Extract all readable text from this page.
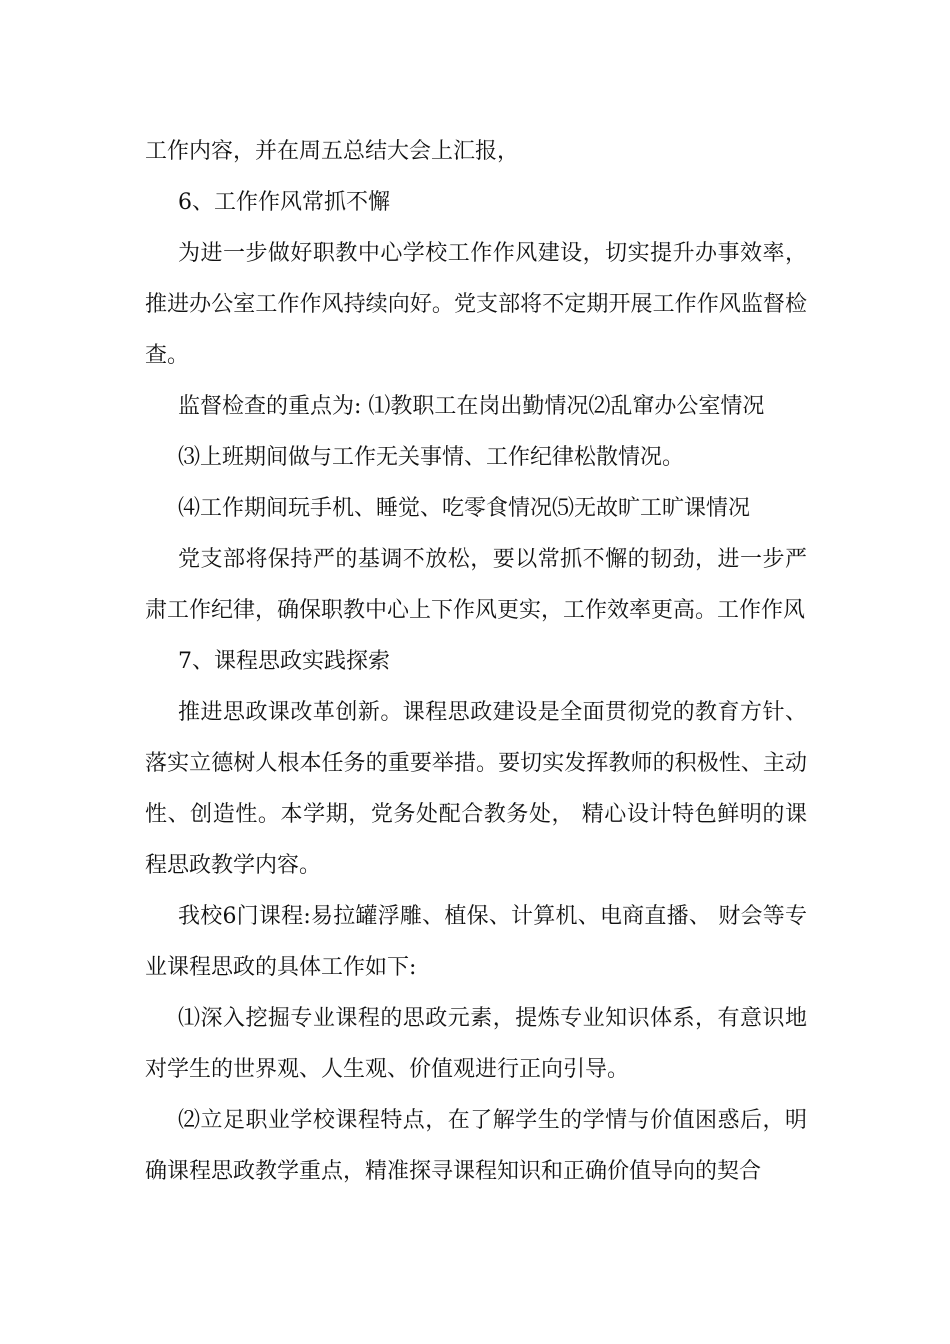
工作内容，并在周五总结大会上汇报，

6、工作作风常抓不懈

为进一步做好职教中心学校工作作风建设，切实提升办事效率，推进办公室工作作风持续向好。党支部将不定期开展工作作风监督检查。

监督检查的重点为: ⑴教职工在岗出勤情况⑵乱窜办公室情况

⑶上班期间做与工作无关事情、工作纪律松散情况。

⑷工作期间玩手机、睡觉、吃零食情况⑸无故旷工旷课情况

党支部将保持严的基调不放松，要以常抓不懈的韧劲，进一步严肃工作纪律，确保职教中心上下作风更实，工作效率更高。工作作风

7、课程思政实践探索

推进思政课改革创新。课程思政建设是全面贯彻党的教育方针、落实立德树人根本任务的重要举措。要切实发挥教师的积极性、主动性、创造性。本学期，党务处配合教务处， 精心设计特色鲜明的课程思政教学内容。

我校6门课程:易拉罐浮雕、植保、计算机、电商直播、 财会等专业课程思政的具体工作如下:

⑴深入挖掘专业课程的思政元素，提炼专业知识体系，有意识地对学生的世界观、人生观、价值观进行正向引导。

⑵立足职业学校课程特点，在了解学生的学情与价值困惑后，明确课程思政教学重点，精准探寻课程知识和正确价值导向的契合
